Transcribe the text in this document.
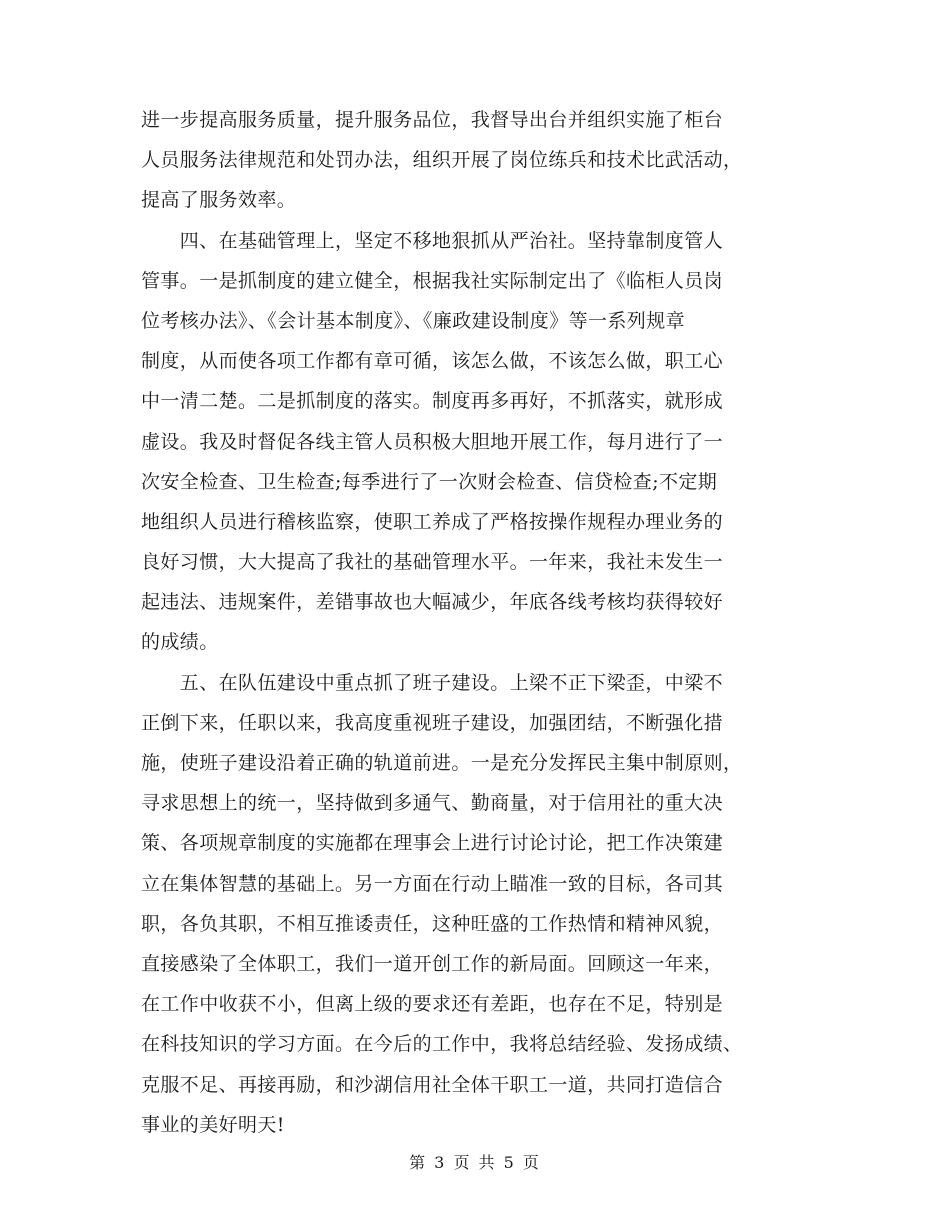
进一步提高服务质量，提升服务品位，我督导出台并组织实施了柜台
人员服务法律规范和处罚办法，组织开展了岗位练兵和技术比武活动，
提高了服务效率。
　　四、在基础管理上，坚定不移地狠抓从严治社。坚持靠制度管人
管事。一是抓制度的建立健全，根据我社实际制定出了《临柜人员岗
位考核办法》、《会计基本制度》、《廉政建设制度》等一系列规章
制度，从而使各项工作都有章可循，该怎么做，不该怎么做，职工心
中一清二楚。二是抓制度的落实。制度再多再好，不抓落实，就形成
虚设。我及时督促各线主管人员积极大胆地开展工作，每月进行了一
次安全检查、卫生检查;每季进行了一次财会检查、信贷检查;不定期
地组织人员进行稽核监察，使职工养成了严格按操作规程办理业务的
良好习惯，大大提高了我社的基础管理水平。一年来，我社未发生一
起违法、违规案件，差错事故也大幅减少，年底各线考核均获得较好
的成绩。
　　五、在队伍建设中重点抓了班子建设。上梁不正下梁歪，中梁不
正倒下来，任职以来，我高度重视班子建设，加强团结，不断强化措
施，使班子建设沿着正确的轨道前进。一是充分发挥民主集中制原则，
寻求思想上的统一，坚持做到多通气、勤商量，对于信用社的重大决
策、各项规章制度的实施都在理事会上进行讨论讨论，把工作决策建
立在集体智慧的基础上。另一方面在行动上瞄准一致的目标，各司其
职，各负其职，不相互推诿责任，这种旺盛的工作热情和精神风貌，
直接感染了全体职工，我们一道开创工作的新局面。回顾这一年来，
在工作中收获不小，但离上级的要求还有差距，也存在不足，特别是
在科技知识的学习方面。在今后的工作中，我将总结经验、发扬成绩、
克服不足、再接再励，和沙湖信用社全体干职工一道，共同打造信合
事业的美好明天!
第 3 页 共 5 页
